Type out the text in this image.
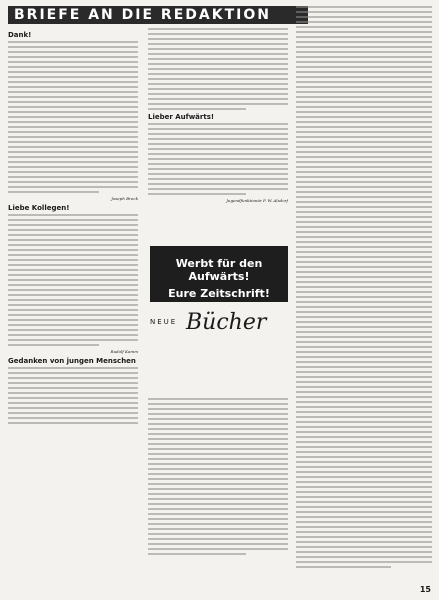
BRIEFE AN DIE REDAKTION
Dank!
Joseph Brock
Liebe Kollegen!
Rudolf Kamm
Gedanken von jungen Menschen
Lieber Aufwärts!
Jugendfunktionär P. W. Alsdorf
Werbt für den Aufwärts!
Eure Zeitschrift!
NEUE Bücher
15
